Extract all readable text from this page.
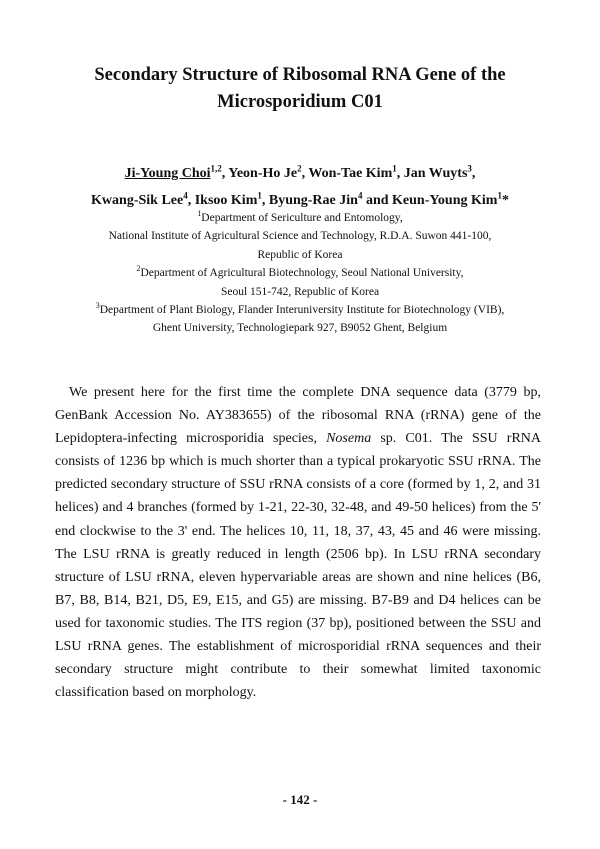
Secondary Structure of Ribosomal RNA Gene of the
Microsporidium C01
Ji-Young Choi$^{1,2}$, Yeon-Ho Je$^2$, Won-Tae Kim$^1$, Jan Wuyts$^3$,
Kwang-Sik Lee$^4$, Iksoo Kim$^1$, Byung-Rae Jin$^4$ and Keun-Young Kim$^1$*
$^1$Department of Sericulture and Entomology,
National Institute of Agricultural Science and Technology, R.D.A. Suwon 441-100,
Republic of Korea
$^2$Department of Agricultural Biotechnology, Seoul National University,
Seoul 151-742, Republic of Korea
$^3$Department of Plant Biology, Flander Interuniversity Institute for Biotechnology (VIB),
Ghent University, Technologiepark 927, B9052 Ghent, Belgium
We present here for the first time the complete DNA sequence data (3779 bp, GenBank Accession No. AY383655) of the ribosomal RNA (rRNA) gene of the Lepidoptera-infecting microsporidia species, Nosema sp. C01. The SSU rRNA consists of 1236 bp which is much shorter than a typical prokaryotic SSU rRNA. The predicted secondary structure of SSU rRNA consists of a core (formed by 1, 2, and 31 helices) and 4 branches (formed by 1-21, 22-30, 32-48, and 49-50 helices) from the 5' end clockwise to the 3' end. The helices 10, 11, 18, 37, 43, 45 and 46 were missing. The LSU rRNA is greatly reduced in length (2506 bp). In LSU rRNA secondary structure of LSU rRNA, eleven hypervariable areas are shown and nine helices (B6, B7, B8, B14, B21, D5, E9, E15, and G5) are missing. B7-B9 and D4 helices can be used for taxonomic studies. The ITS region (37 bp), positioned between the SSU and LSU rRNA genes. The establishment of microsporidial rRNA sequences and their secondary structure might contribute to their somewhat limited taxonomic classification based on morphology.
- 142 -
